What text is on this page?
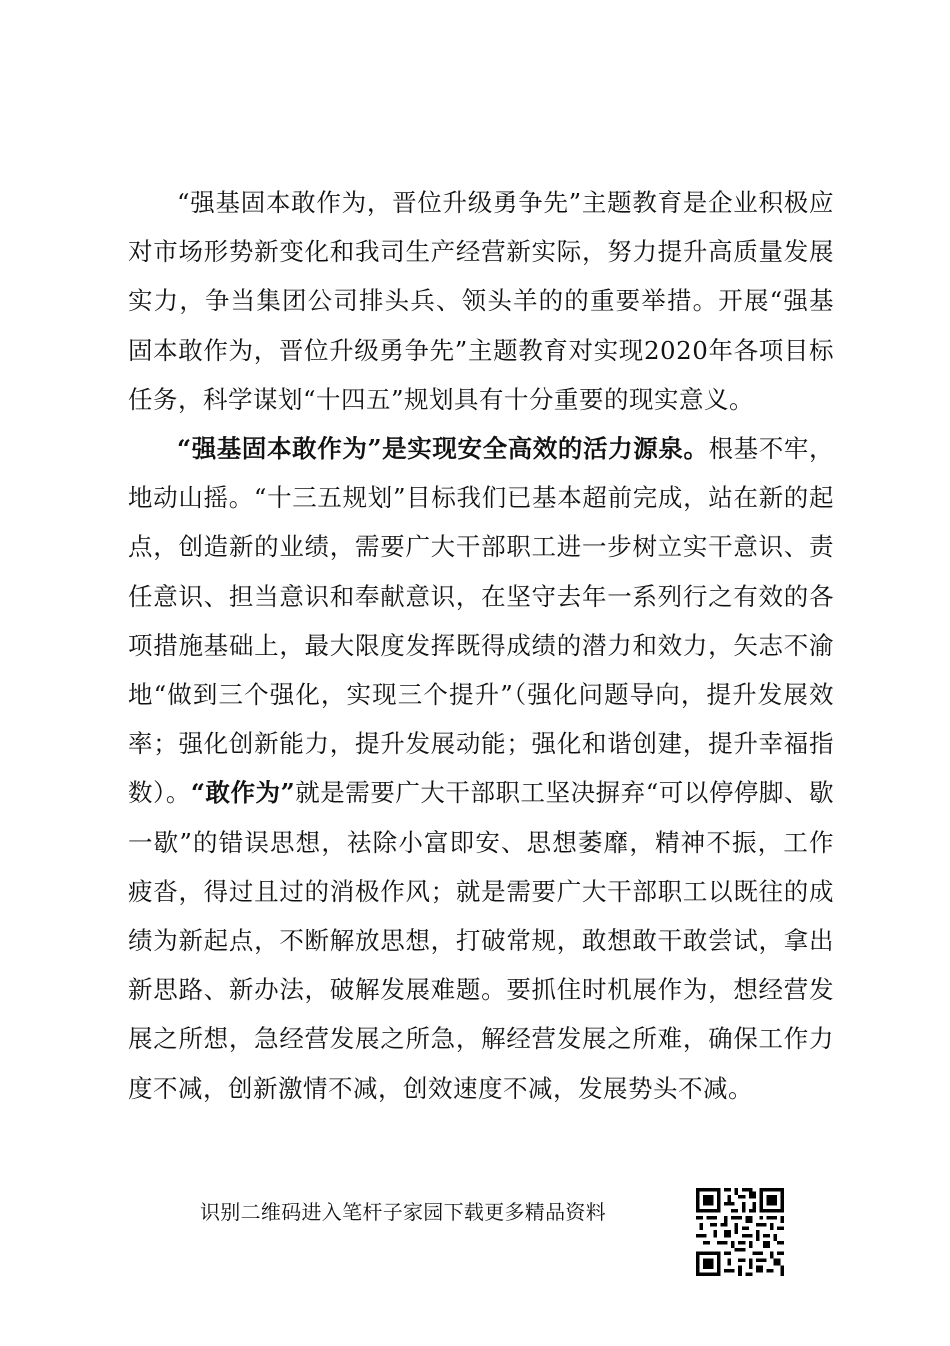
“强基固本敢作为，晋位升级勇争先”主题教育是企业积极应对市场形势新变化和我司生产经营新实际，努力提升高质量发展实力，争当集团公司排头兵、领头羊的的重要举措。开展“强基固本敢作为，晋位升级勇争先”主题教育对实现2020年各项目标任务，科学谋划“十四五”规划具有十分重要的现实意义。

“强基固本敢作为”是实现安全高效的活力源泉。根基不牢，地动山摇。“十三五规划”目标我们已基本超前完成，站在新的起点，创造新的业绩，需要广大干部职工进一步树立实干意识、责任意识、担当意识和奉献意识，在坚守去年一系列行之有效的各项措施基础上，最大限度发挥既得成绩的潜力和效力，矢志不渝地“做到三个强化，实现三个提升”（强化问题导向，提升发展效率；强化创新能力，提升发展动能；强化和谐创建，提升幸福指数）。“敢作为”就是需要广大干部职工坚决摒弃“可以停停脚、歇一歇”的错误思想，祛除小富即安、思想萎靡，精神不振，工作疲沓，得过且过的消极作风；就是需要广大干部职工以既往的成绩为新起点，不断解放思想，打破常规，敢想敢干敢尝试，拿出新思路、新办法，破解发展难题。要抓住时机展作为，想经营发展之所想，急经营发展之所急，解经营发展之所难，确保工作力度不减，创新激情不减，创效速度不减，发展势头不减。

识别二维码进入笔杆子家园下载更多精品资料
